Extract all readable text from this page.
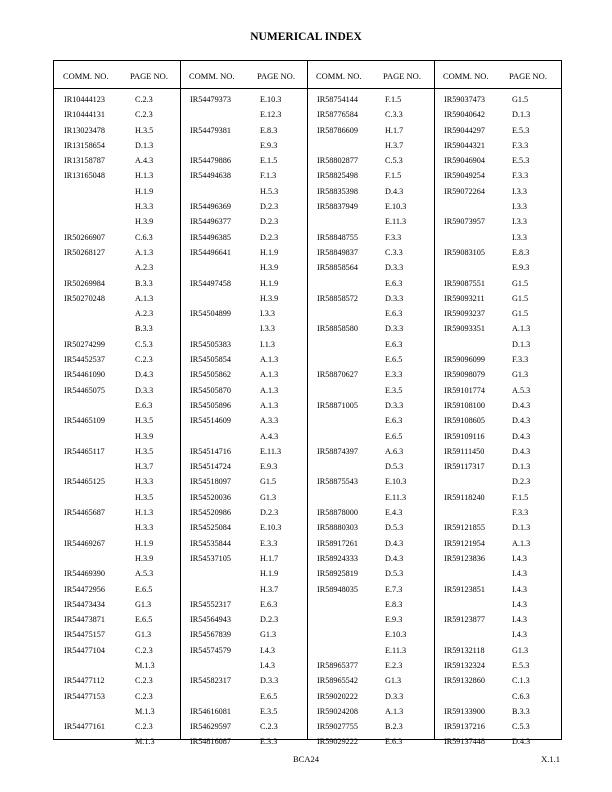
NUMERICAL INDEX
COMM. NO.	PAGE NO. COMM. NO.	PAGE NO. COMM. NO.	PAGE NO.	COMM. NO. PAGE NO.
IR10444123	C.2.3
IR10444131	C.2.3
IR13023478	H.3.5
IR13158654	D.1.3
IR13158787	A.4.3
IR13165048	H.1.3
H.1.9
H.3.3
H.3.9
IR50266907	C.6.3
IR50268127	A.1.3
A.2.3
IR50269984	B.3.3
IR50270248	A.1.3
A.2.3
B.3.3
IR50274299	C.5.3
IR54452537	C.2.3
IR54461090	D.4.3
IR54465075	D.3.3
E.6.3
IR54465109	H.3.5
H.3.9
IR54465117	H.3.5
H.3.7
IR54465125	H.3.3
H.3.5
IR54465687	H.1.3
H.3.3
IR54469267	H.1.9
H.3.9
IR54469390	A.5.3
IR54472956	E.6.5
IR54473434	G1.3
IR54473871	E.6.5
IR54475157	G1.3
IR54477104	C.2.3
M.1.3
IR54477112	C.2.3
IR54477153	C.2.3
M.1.3
IR54477161	C.2.3
M.1.3
IR54479373	E.10.3
E.12.3
IR54479381	E.8.3
E.9.3
IR54479886	E.1.5
IR54494638	F.1.3
H.5.3
IR54496369	D.2.3
IR54496377	D.2.3
IR54496385	D.2.3
IR54496641	H.1.9
H.3.9
IR54497458	H.1.9
H.3.9
IR54504899	I.3.3
I.3.3
IR54505383	I.1.3
IR54505854	A.1.3
IR54505862	A.1.3
IR54505870	A.1.3
IR54505896	A.1.3
IR54514609	A.3.3
A.4.3
IR54514716	E.11.3
IR54514724	E.9.3
IR54518097	G1.5
IR54520036	G1.3
IR54520986	D.2.3
IR54525084	E.10.3
IR54535844	E.3.3
IR54537105	H.1.7
H.1.9
H.3.7
IR54552317	E.6.3
IR54564943	D.2.3
IR54567839	G1.3
IR54574579	I.4.3
I.4.3
IR54582317	D.3.3
E.6.5
IR54616081	E.3.5
IR54629597	C.2.3
IR54816087	E.3.3
IR58754144	F.1.5
IR58776584	C.3.3
IR58786609	H.1.7
H.3.7
IR58802877	C.5.3
IR58825498	F.1.5
IR58835398	D.4.3
IR58837949	E.10.3
E.11.3
IR58848755	F.3.3
IR58849837	C.3.3
IR58858564	D.3.3
E.6.3
IR58858572	D.3.3
E.6.3
IR58858580	D.3.3
E.6.3
E.6.5
IR58870627	E.3.3
E.3.5
IR58871005	D.3.3
E.6.3
E.6.5
IR58874397	A.6.3
D.5.3
IR58875543	E.10.3
E.11.3
IR58878000	E.4.3
IR58880303	D.5.3
IR58917261	D.4.3
IR58924333	D.4.3
IR58925819	D.5.3
IR58948035	E.7.3
E.8.3
E.9.3
E.10.3
E.11.3
IR58965377	E.2.3
IR58965542	G1.3
IR59020222	D.3.3
IR59024208	A.1.3
IR59027755	B.2.3
IR59029222	E.6.3
IR59037473	G1.5
IR59040642	D.1.3
IR59044297	E.5.3
IR59044321	F.3.3
IR59046904	E.5.3
IR59049254	F.3.3
IR59072264	I.3.3
I.3.3
IR59073957	I.3.3
I.3.3
IR59083105	E.8.3
E.9.3
IR59087551	G1.5
IR59093211	G1.5
IR59093237	G1.5
IR59093351	A.1.3
D.1.3
IR59096099	F.3.3
IR59098079	G1.3
IR59101774	A.5.3
IR59108100	D.4.3
IR59108605	D.4.3
IR59109116	D.4.3
IR59111450	D.4.3
IR59117317	D.1.3
D.2.3
IR59118240	F.1.5
F.3.3
IR59121855	D.1.3
IR59121954	A.1.3
IR59123836	I.4.3
I.4.3
IR59123851	I.4.3
I.4.3
IR59123877	I.4.3
I.4.3
IR59132118	G1.3
IR59132324	E.5.3
IR59132860	C.1.3
C.6.3
IR59133900	B.3.3
IR59137216	C.5.3
IR59137448	D.4.3
BCA24	X.1.1
